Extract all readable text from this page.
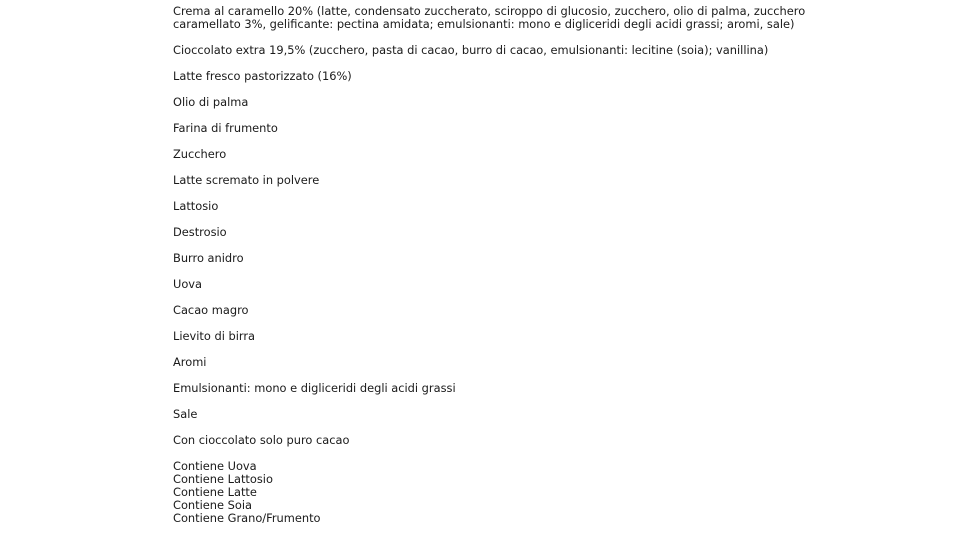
Crema al caramello 20% (latte, condensato zuccherato, sciroppo di glucosio, zucchero, olio di palma, zucchero caramellato 3%, gelificante: pectina amidata; emulsionanti: mono e digliceridi degli acidi grassi; aromi, sale)

Cioccolato extra 19,5% (zucchero, pasta di cacao, burro di cacao, emulsionanti: lecitine (soia); vanillina)

Latte fresco pastorizzato (16%)

Olio di palma

Farina di frumento

Zucchero

Latte scremato in polvere

Lattosio

Destrosio

Burro anidro

Uova

Cacao magro

Lievito di birra

Aromi

Emulsionanti: mono e digliceridi degli acidi grassi

Sale

Con cioccolato solo puro cacao

Contiene Uova
Contiene Lattosio
Contiene Latte
Contiene Soia
Contiene Grano/Frumento
